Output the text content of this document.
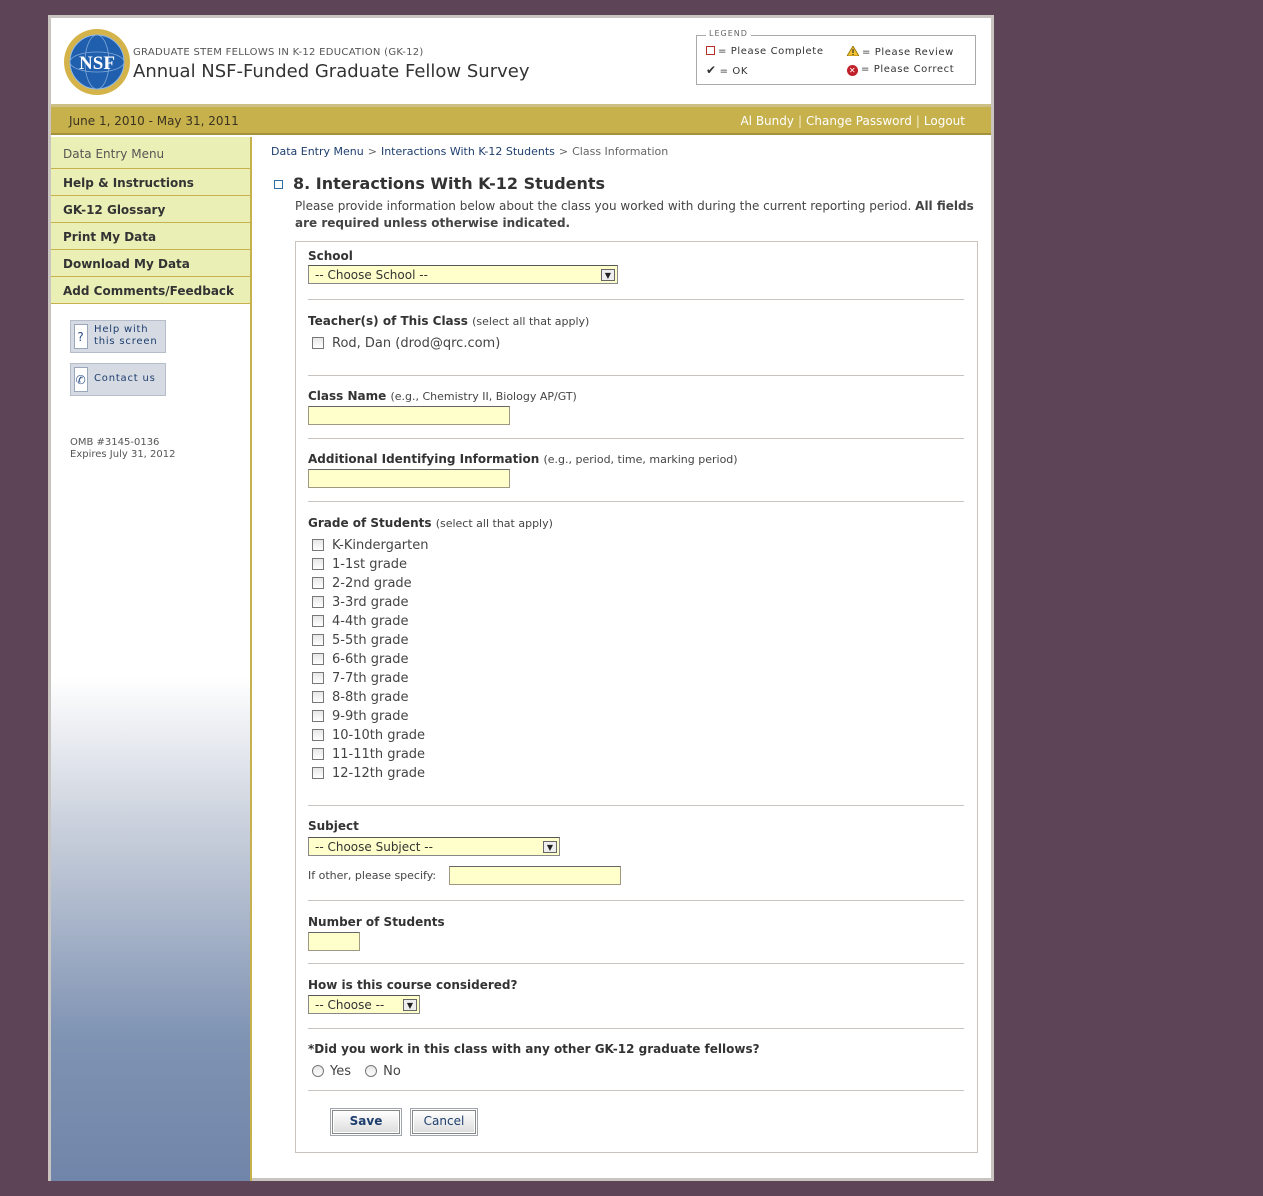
NSF
GRADUATE STEM FELLOWS IN K-12 EDUCATION (GK-12)
Annual NSF-Funded Graduate Fellow Survey
LEGEND
= Please Complete	= Please Review
✔ = OK	✕ = Please Correct
June 1, 2010 - May 31, 2011	Al Bundy | Change Password | Logout
Data Entry Menu
Help & Instructions
GK-12 Glossary
Print My Data
Download My Data
Add Comments/Feedback
?
Help with
this screen
✆ Contact us
OMB #3145-0136
Expires July 31, 2012
Data Entry Menu > Interactions With K-12 Students > Class Information
8. Interactions With K-12 Students
Please provide information below about the class you worked with during the current reporting period. All fields are required unless otherwise indicated.
School
-- Choose School --	▼
Teacher(s) of This Class (select all that apply)
Rod, Dan (drod@qrc.com)
Class Name (e.g., Chemistry II, Biology AP/GT)
Additional Identifying Information (e.g., period, time, marking period)
Grade of Students (select all that apply)
K-Kindergarten
1-1st grade
2-2nd grade
3-3rd grade
4-4th grade
5-5th grade
6-6th grade
7-7th grade
8-8th grade
9-9th grade
10-10th grade
11-11th grade
12-12th grade
Subject
-- Choose Subject --	▼
If other, please specify:
Number of Students
How is this course considered?
-- Choose --	▼
*Did you work in this class with any other GK-12 graduate fellows?
Yes No
Save	Cancel
